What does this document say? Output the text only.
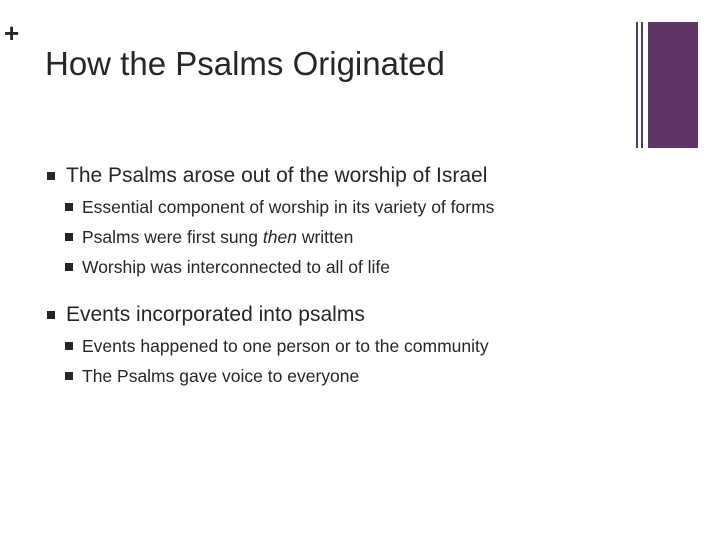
+
How the Psalms Originated
The Psalms arose out of the worship of Israel
Essential component of worship in its variety of forms
Psalms were first sung then written
Worship was interconnected to all of life
Events incorporated into psalms
Events happened to one person or to the community
The Psalms gave voice to everyone
